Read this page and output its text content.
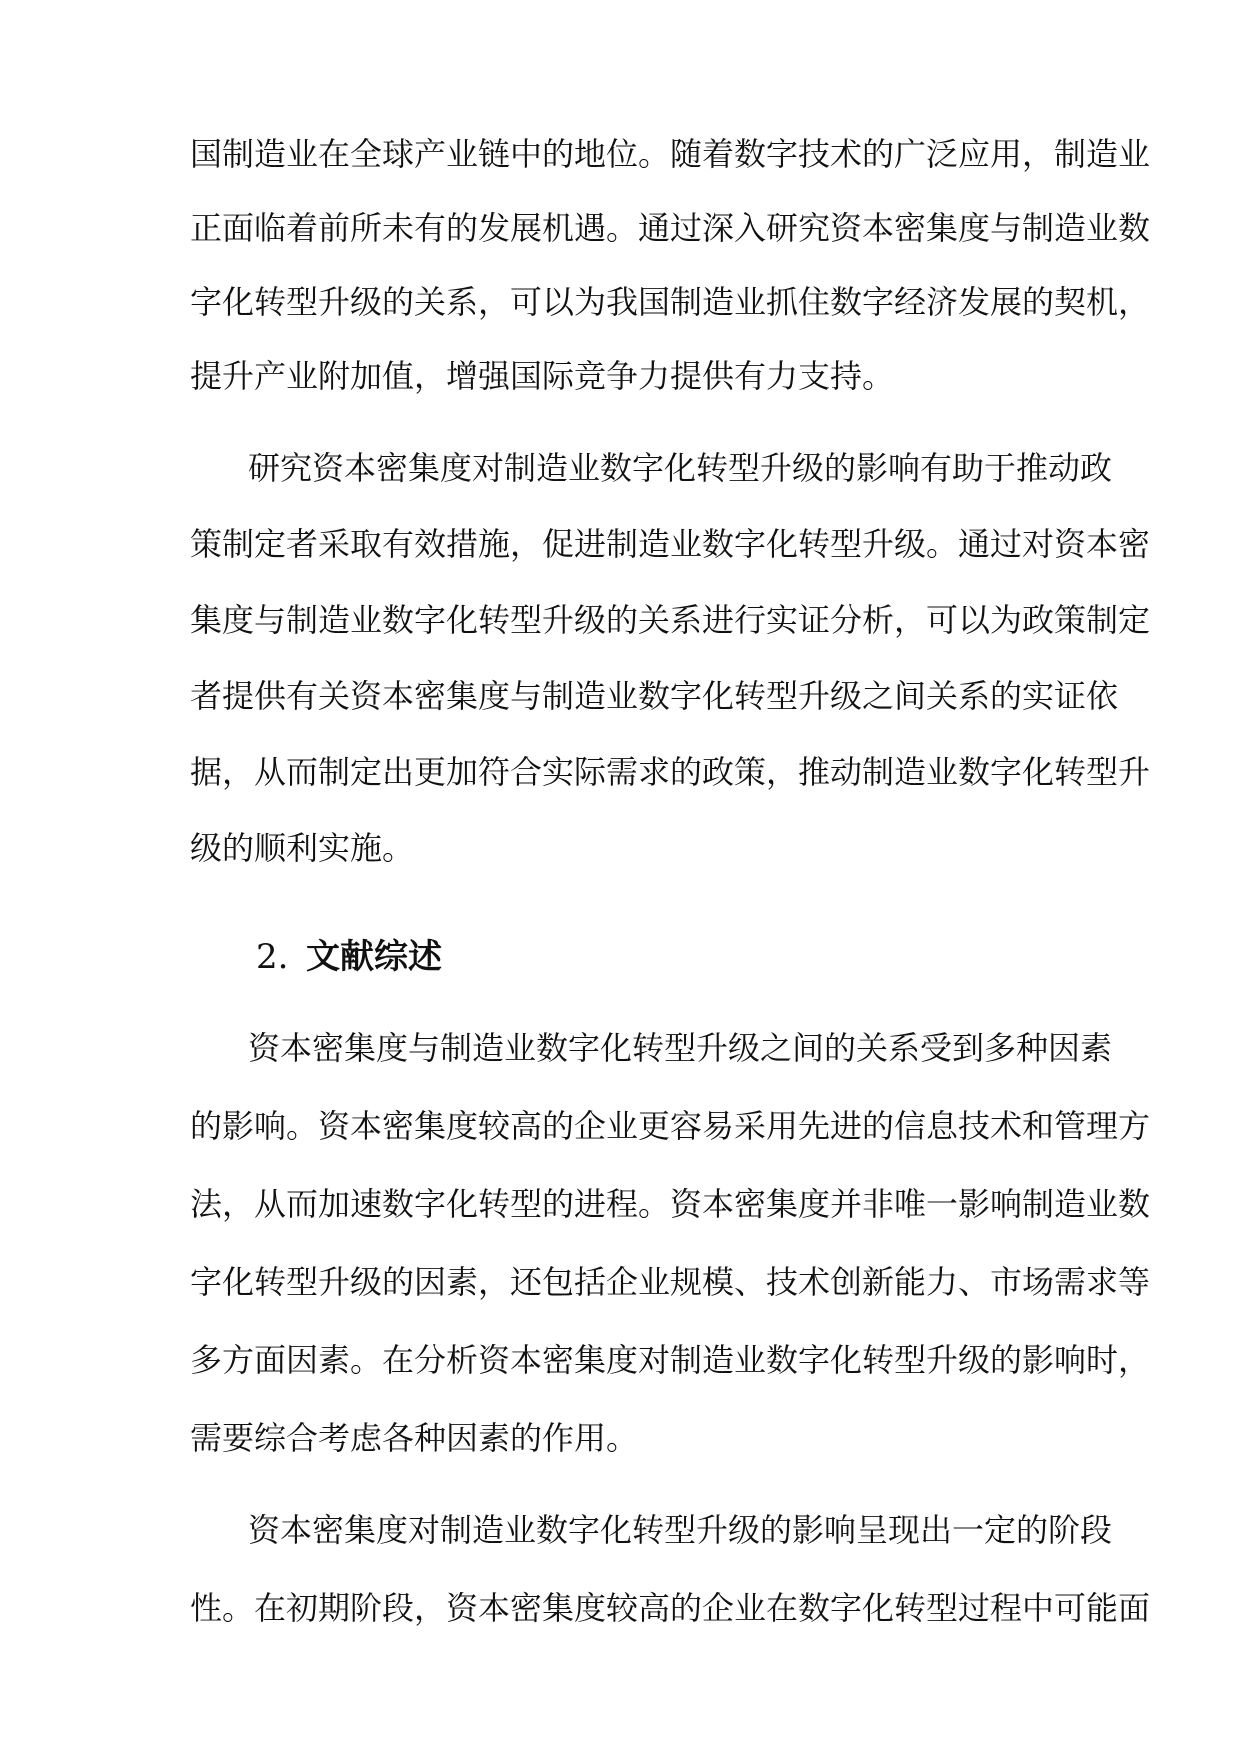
国制造业在全球产业链中的地位。随着数字技术的广泛应用，制造业
正面临着前所未有的发展机遇。通过深入研究资本密集度与制造业数
字化转型升级的关系，可以为我国制造业抓住数字经济发展的契机，
提升产业附加值，增强国际竞争力提供有力支持。
研究资本密集度对制造业数字化转型升级的影响有助于推动政
策制定者采取有效措施，促进制造业数字化转型升级。通过对资本密
集度与制造业数字化转型升级的关系进行实证分析，可以为政策制定
者提供有关资本密集度与制造业数字化转型升级之间关系的实证依
据，从而制定出更加符合实际需求的政策，推动制造业数字化转型升
级的顺利实施。
2. 文献综述
资本密集度与制造业数字化转型升级之间的关系受到多种因素
的影响。资本密集度较高的企业更容易采用先进的信息技术和管理方
法，从而加速数字化转型的进程。资本密集度并非唯一影响制造业数
字化转型升级的因素，还包括企业规模、技术创新能力、市场需求等
多方面因素。在分析资本密集度对制造业数字化转型升级的影响时，
需要综合考虑各种因素的作用。
资本密集度对制造业数字化转型升级的影响呈现出一定的阶段
性。在初期阶段，资本密集度较高的企业在数字化转型过程中可能面
